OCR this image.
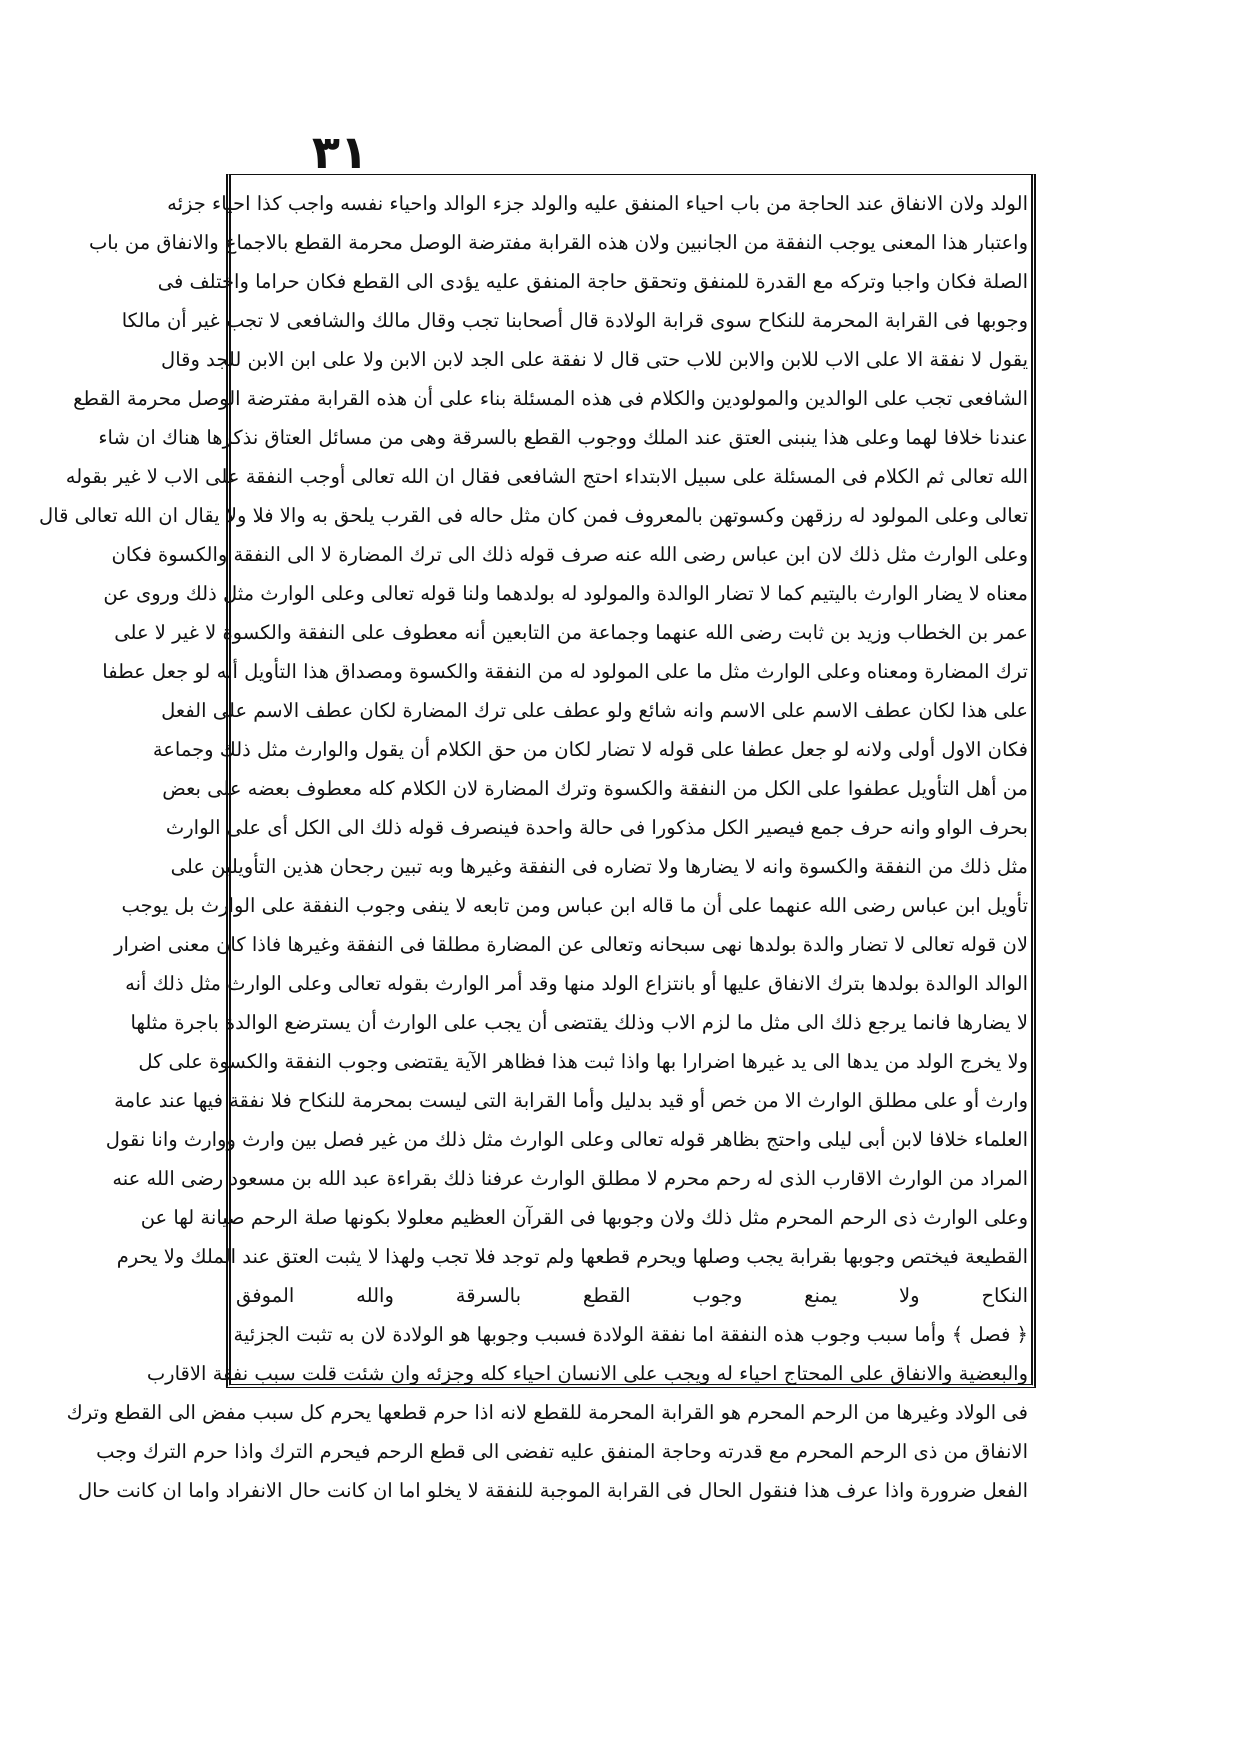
٣١
الولد ولان الانفاق عند الحاجة من باب احياء المنفق عليه والولد جزء الوالد واحياء نفسه واجب كذا احياء جزئه
واعتبار هذا المعنى يوجب النفقة من الجانبين ولان هذه القرابة مفترضة الوصل محرمة القطع بالاجماع والانفاق من باب
الصلة فكان واجبا وتركه مع القدرة للمنفق وتحقق حاجة المنفق عليه يؤدى الى القطع فكان حراما واختلف فى
وجوبها فى القرابة المحرمة للنكاح سوى قرابة الولادة قال أصحابنا تجب وقال مالك والشافعى لا تجب غير أن مالكا
يقول لا نفقة الا على الاب للابن والابن للاب حتى قال لا نفقة على الجد لابن الابن ولا على ابن الابن للجد وقال
الشافعى تجب على الوالدين والمولودين والكلام فى هذه المسئلة بناء على أن هذه القرابة مفترضة الوصل محرمة القطع
عندنا خلافا لهما وعلى هذا ينبنى العتق عند الملك ووجوب القطع بالسرقة وهى من مسائل العتاق نذكرها هناك ان شاء
الله تعالى ثم الكلام فى المسئلة على سبيل الابتداء احتج الشافعى فقال ان الله تعالى أوجب النفقة على الاب لا غير بقوله
تعالى وعلى المولود له رزقهن وكسوتهن بالمعروف فمن كان مثل حاله فى القرب يلحق به والا فلا ولا يقال ان الله تعالى قال
وعلى الوارث مثل ذلك لان ابن عباس رضى الله عنه صرف قوله ذلك الى ترك المضارة لا الى النفقة والكسوة فكان
معناه لا يضار الوارث باليتيم كما لا تضار الوالدة والمولود له بولدهما ولنا قوله تعالى وعلى الوارث مثل ذلك وروى عن
عمر بن الخطاب وزيد بن ثابت رضى الله عنهما وجماعة من التابعين أنه معطوف على النفقة والكسوة لا غير لا على
ترك المضارة ومعناه وعلى الوارث مثل ما على المولود له من النفقة والكسوة ومصداق هذا التأويل أنه لو جعل عطفا
على هذا لكان عطف الاسم على الاسم وانه شائع ولو عطف على ترك المضارة لكان عطف الاسم على الفعل
فكان الاول أولى ولانه لو جعل عطفا على قوله لا تضار لكان من حق الكلام أن يقول والوارث مثل ذلك وجماعة
من أهل التأويل عطفوا على الكل من النفقة والكسوة وترك المضارة لان الكلام كله معطوف بعضه على بعض
بحرف الواو وانه حرف جمع فيصير الكل مذكورا فى حالة واحدة فينصرف قوله ذلك الى الكل أى على الوارث
مثل ذلك من النفقة والكسوة وانه لا يضارها ولا تضاره فى النفقة وغيرها وبه تبين رجحان هذين التأويلين على
تأويل ابن عباس رضى الله عنهما على أن ما قاله ابن عباس ومن تابعه لا ينفى وجوب النفقة على الوارث بل يوجب
لان قوله تعالى لا تضار والدة بولدها نهى سبحانه وتعالى عن المضارة مطلقا فى النفقة وغيرها فاذا كان معنى اضرار
الوالد الوالدة بولدها بترك الانفاق عليها أو بانتزاع الولد منها وقد أمر الوارث بقوله تعالى وعلى الوارث مثل ذلك أنه
لا يضارها فانما يرجع ذلك الى مثل ما لزم الاب وذلك يقتضى أن يجب على الوارث أن يسترضع الوالدة باجرة مثلها
ولا يخرج الولد من يدها الى يد غيرها اضرارا بها واذا ثبت هذا فظاهر الآية يقتضى وجوب النفقة والكسوة على كل
وارث أو على مطلق الوارث الا من خص أو قيد بدليل وأما القرابة التى ليست بمحرمة للنكاح فلا نفقة فيها عند عامة
العلماء خلافا لابن أبى ليلى واحتج بظاهر قوله تعالى وعلى الوارث مثل ذلك من غير فصل بين وارث ووارث وانا نقول
المراد من الوارث الاقارب الذى له رحم محرم لا مطلق الوارث عرفنا ذلك بقراءة عبد الله بن مسعود رضى الله عنه
وعلى الوارث ذى الرحم المحرم مثل ذلك ولان وجوبها فى القرآن العظيم معلولا بكونها صلة الرحم صيانة لها عن
القطيعة فيختص وجوبها بقرابة يجب وصلها ويحرم قطعها ولم توجد فلا تجب ولهذا لا يثبت العتق عند الملك ولا يحرم
النكاح ولا يمنع وجوب القطع بالسرقة والله الموفق
﴿ فصل ﴾ وأما سبب وجوب هذه النفقة اما نفقة الولادة فسبب وجوبها هو الولادة لان به تثبت الجزئية
والبعضية والانفاق على المحتاج احياء له ويجب على الانسان احياء كله وجزئه وان شئت قلت سبب نفقة الاقارب
فى الولاد وغيرها من الرحم المحرم هو القرابة المحرمة للقطع لانه اذا حرم قطعها يحرم كل سبب مفض الى القطع وترك
الانفاق من ذى الرحم المحرم مع قدرته وحاجة المنفق عليه تفضى الى قطع الرحم فيحرم الترك واذا حرم الترك وجب
الفعل ضرورة واذا عرف هذا فنقول الحال فى القرابة الموجبة للنفقة لا يخلو اما ان كانت حال الانفراد واما ان كانت حال
